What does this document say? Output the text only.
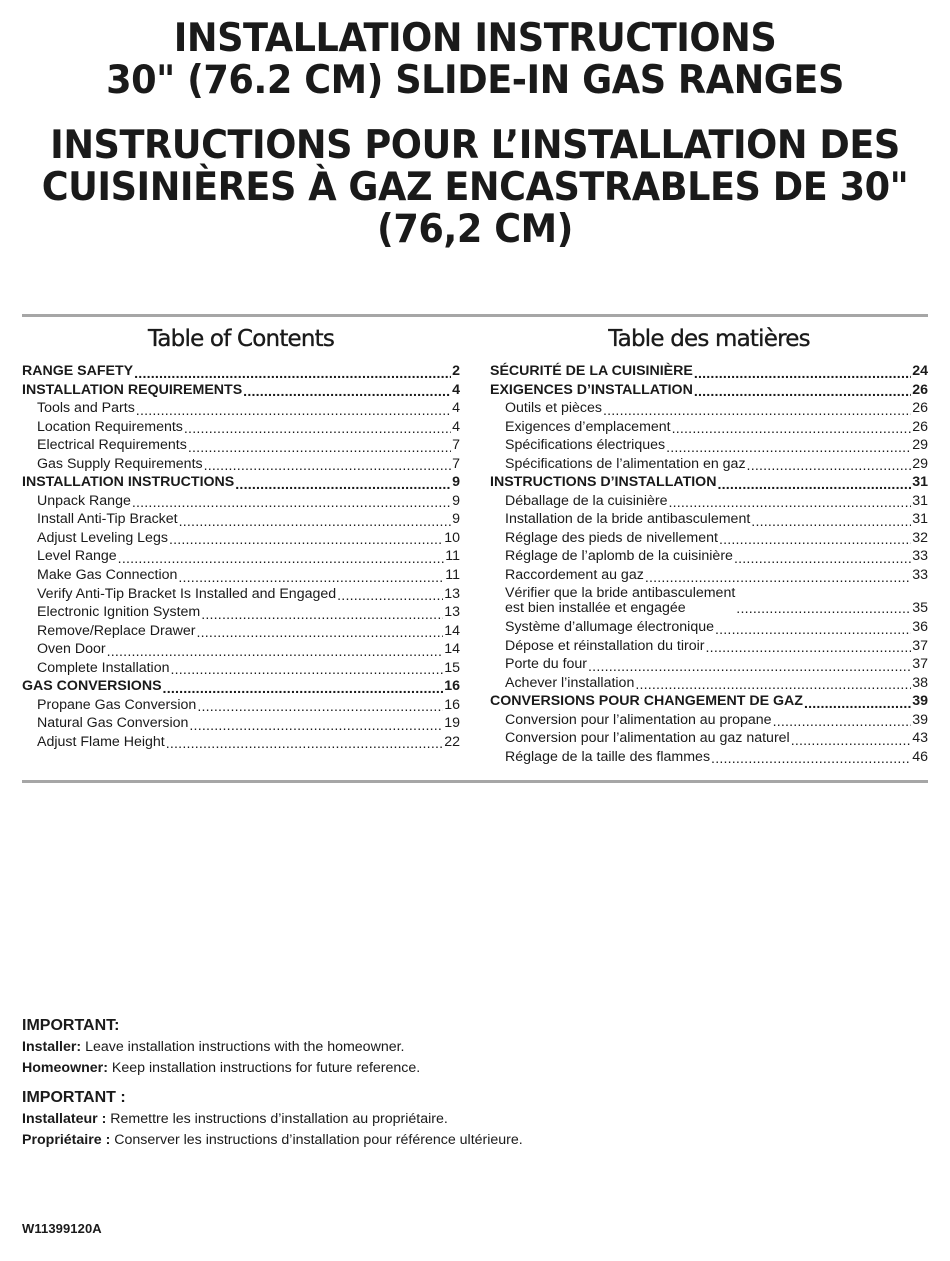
INSTALLATION INSTRUCTIONS
30" (76.2 CM) SLIDE-IN GAS RANGES
INSTRUCTIONS POUR L’INSTALLATION DES
CUISINIÈRES À GAZ ENCASTRABLES DE 30"
(76,2 CM)
Table of Contents
RANGE SAFETY .....	2
INSTALLATION REQUIREMENTS .....	4
Tools and Parts .....	4
Location Requirements .....	4
Electrical Requirements .....	7
Gas Supply Requirements .....	7
INSTALLATION INSTRUCTIONS .....	9
Unpack Range .....	9
Install Anti-Tip Bracket .....	9
Adjust Leveling Legs .....	10
Level Range .....	11
Make Gas Connection .....	11
Verify Anti-Tip Bracket Is Installed and Engaged .....	13
Electronic Ignition System .....	13
Remove/Replace Drawer .....	14
Oven Door .....	14
Complete Installation .....	15
GAS CONVERSIONS .....	16
Propane Gas Conversion .....	16
Natural Gas Conversion .....	19
Adjust Flame Height .....	22
Table des matières
SÉCURITÉ DE LA CUISINIÈRE .....	24
EXIGENCES D’INSTALLATION .....	26
Outils et pièces .....	26
Exigences d’emplacement .....	26
Spécifications électriques .....	29
Spécifications de l’alimentation en gaz .....	29
INSTRUCTIONS D’INSTALLATION .....	31
Déballage de la cuisinière .....	31
Installation de la bride antibasculement .....	31
Réglage des pieds de nivellement .....	32
Réglage de l’aplomb de la cuisinière .....	33
Raccordement au gaz .....	33
Vérifier que la bride antibasculement
est bien installée et engagée .....	35
Système d’allumage électronique .....	36
Dépose et réinstallation du tiroir .....	37
Porte du four .....	37
Achever l’installation .....	38
CONVERSIONS POUR CHANGEMENT DE GAZ .....	39
Conversion pour l’alimentation au propane .....	39
Conversion pour l’alimentation au gaz naturel .....	43
Réglage de la taille des flammes .....	46
IMPORTANT:
Installer: Leave installation instructions with the homeowner.
Homeowner: Keep installation instructions for future reference.
IMPORTANT :
Installateur : Remettre les instructions d’installation au propriétaire.
Propriétaire : Conserver les instructions d’installation pour référence ultérieure.
W11399120A
